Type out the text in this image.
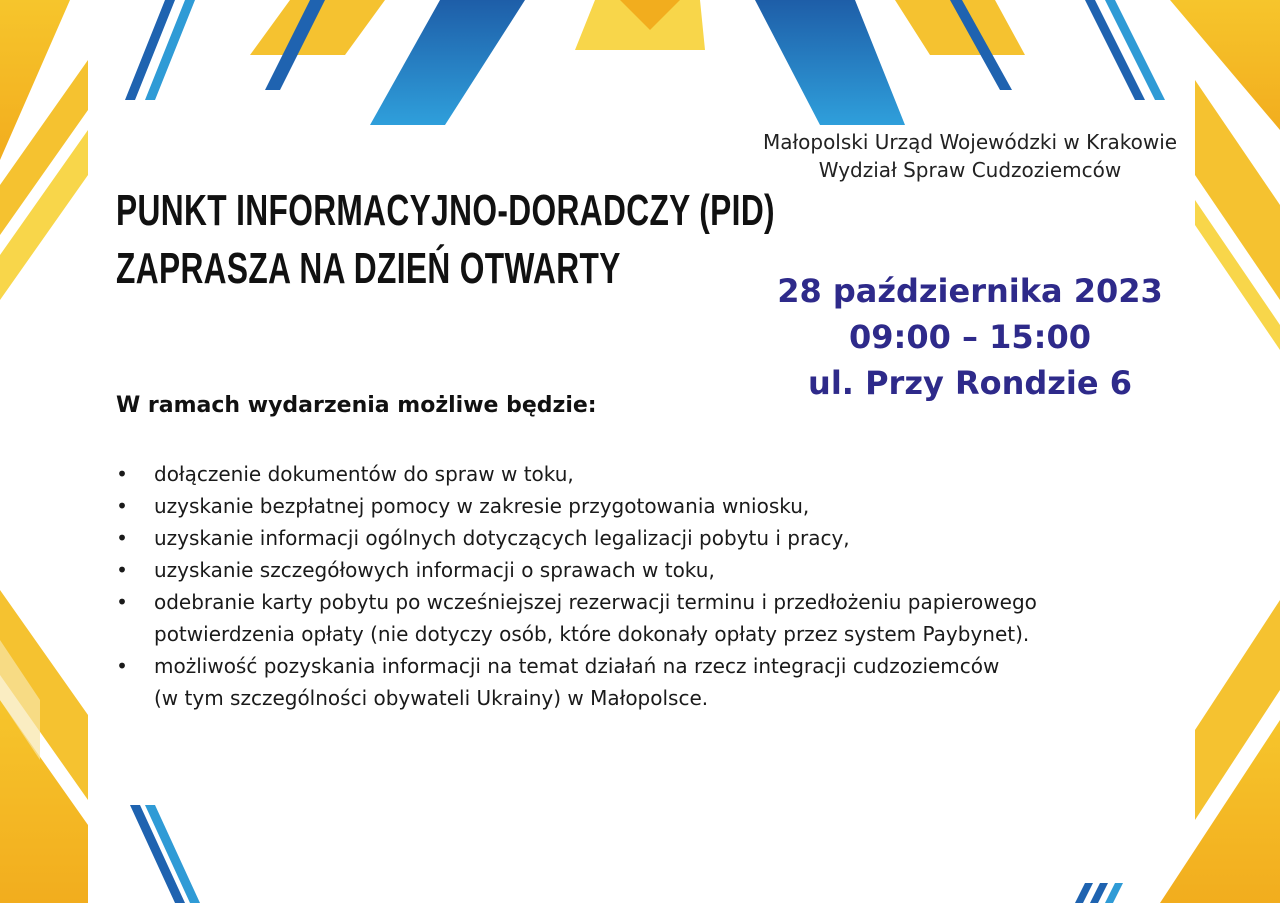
Małopolski Urząd Wojewódzki w Krakowie
Wydział Spraw Cudzoziemców
PUNKT INFORMACYJNO-DORADCZY (PID)
ZAPRASZA NA DZIEŃ OTWARTY	28 października 2023
09:00 – 15:00
ul. Przy Rondzie 6
W ramach wydarzenia możliwe będzie:
• dołączenie dokumentów do spraw w toku,
• uzyskanie bezpłatnej pomocy w zakresie przygotowania wniosku,
• uzyskanie informacji ogólnych dotyczących legalizacji pobytu i pracy,
• uzyskanie szczegółowych informacji o sprawach w toku,
• odebranie karty pobytu po wcześniejszej rezerwacji terminu i przedłożeniu papierowego
potwierdzenia opłaty (nie dotyczy osób, które dokonały opłaty przez system Paybynet).
• możliwość pozyskania informacji na temat działań na rzecz integracji cudzoziemców
(w tym szczególności obywateli Ukrainy) w Małopolsce.
